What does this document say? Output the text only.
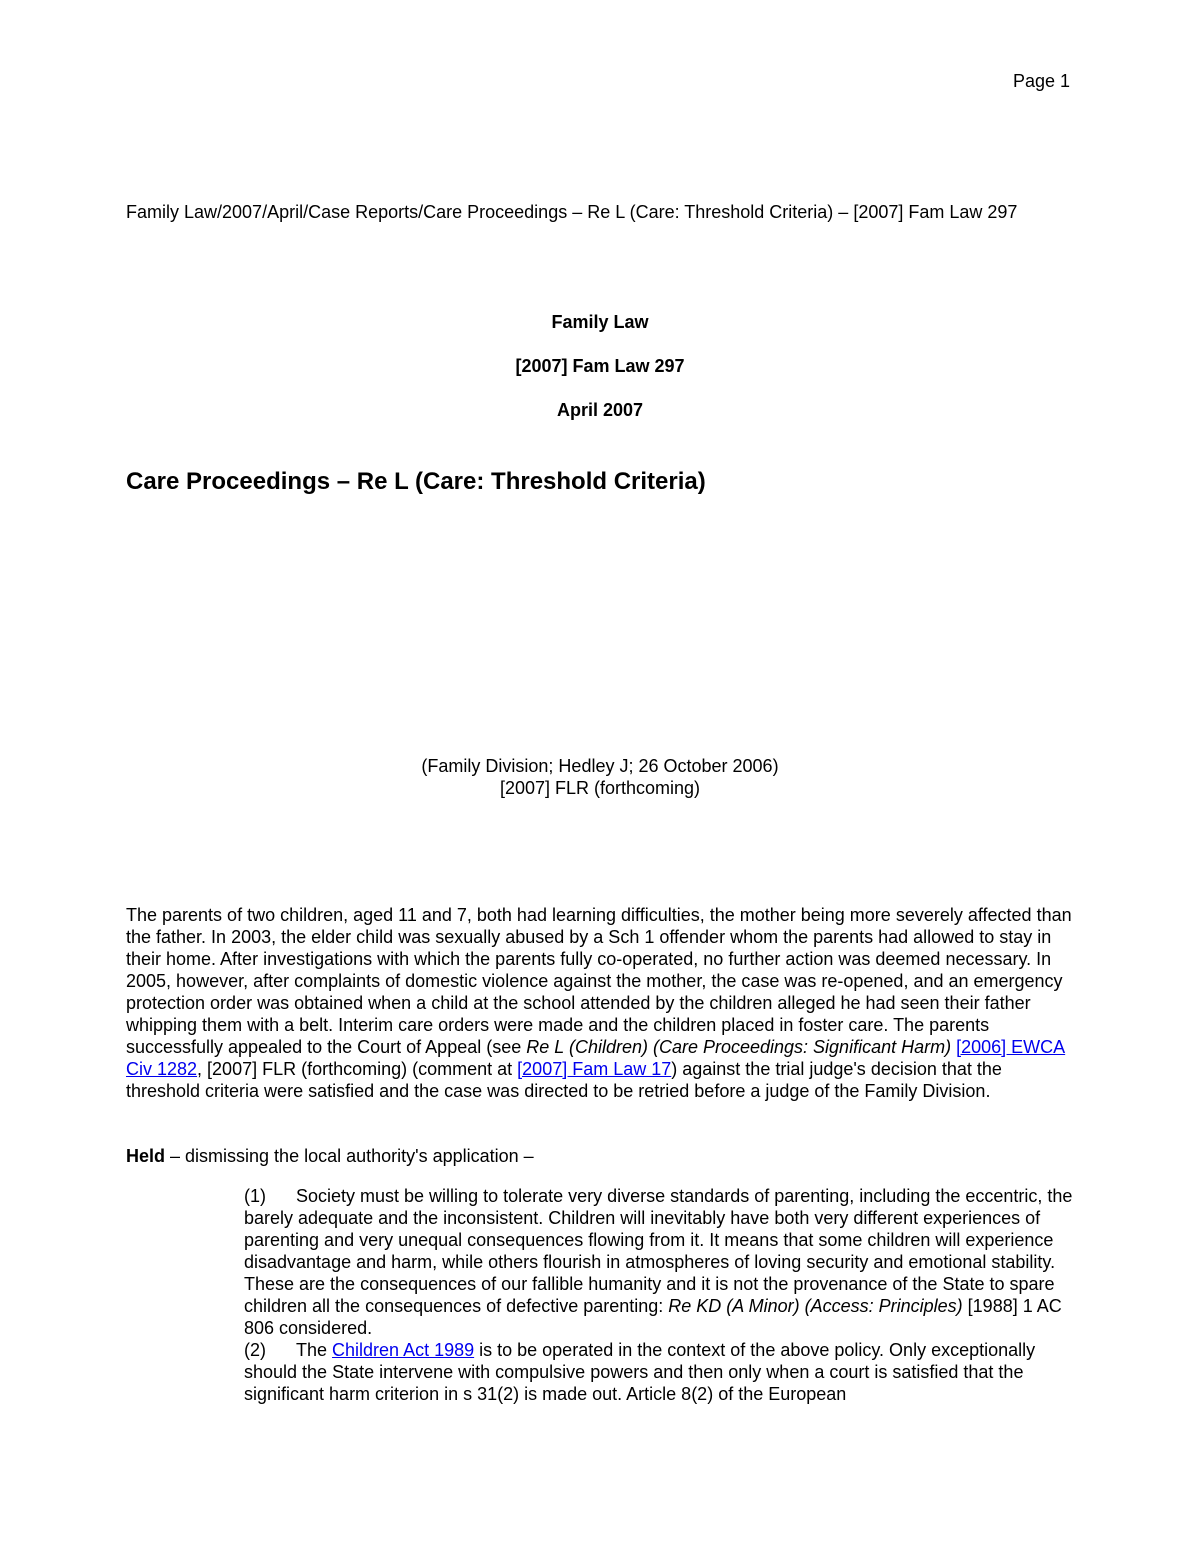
Page 1
Family Law/2007/April/Case Reports/Care Proceedings – Re L (Care: Threshold Criteria) – [2007] Fam Law 297
Family Law
[2007] Fam Law 297
April 2007
Care Proceedings – Re L (Care: Threshold Criteria)
(Family Division; Hedley J; 26 October 2006)
[2007] FLR (forthcoming)

The parents of two children, aged 11 and 7, both had learning difficulties, the mother being more severely affected than the father. In 2003, the elder child was sexually abused by a Sch 1 offender whom the parents had allowed to stay in their home. After investigations with which the parents fully co-operated, no further action was deemed necessary. In 2005, however, after complaints of domestic violence against the mother, the case was re-opened, and an emergency protection order was obtained when a child at the school attended by the children alleged he had seen their father whipping them with a belt. Interim care orders were made and the children placed in foster care. The parents successfully appealed to the Court of Appeal (see Re L (Children) (Care Proceedings: Significant Harm) [2006] EWCA Civ 1282, [2007] FLR (forthcoming) (comment at [2007] Fam Law 17) against the trial judge's decision that the threshold criteria were satisfied and the case was directed to be retried before a judge of the Family Division.

Held – dismissing the local authority's application –

(1) Society must be willing to tolerate very diverse standards of parenting, including the eccentric, the barely adequate and the inconsistent. Children will inevitably have both very different experiences of parenting and very unequal consequences flowing from it. It means that some children will experience disadvantage and harm, while others flourish in atmospheres of loving security and emotional stability. These are the consequences of our fallible humanity and it is not the provenance of the State to spare children all the consequences of defective parenting: Re KD (A Minor) (Access: Principles) [1988] 1 AC 806 considered.

(2) The Children Act 1989 is to be operated in the context of the above policy. Only exceptionally should the State intervene with compulsive powers and then only when a court is satisfied that the significant harm criterion in s 31(2) is made out. Article 8(2) of the European
